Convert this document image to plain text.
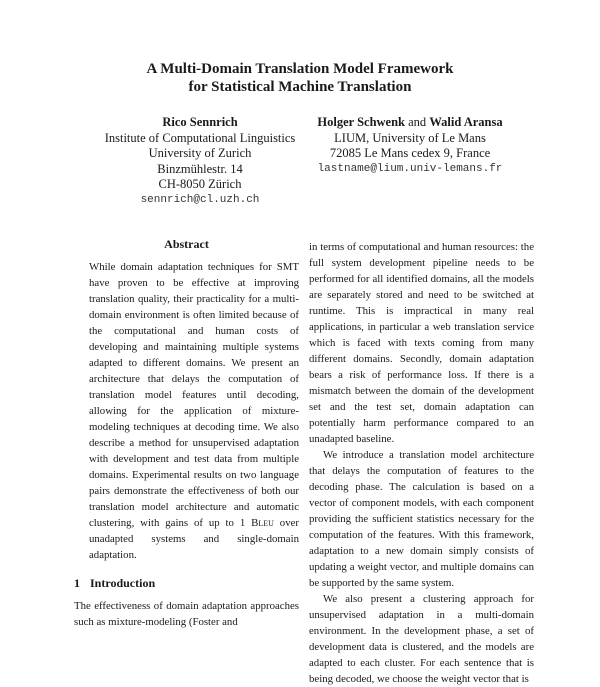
A Multi-Domain Translation Model Framework
for Statistical Machine Translation
Rico Sennrich
Institute of Computational Linguistics
University of Zurich
Binzmühlestr. 14
CH-8050 Zürich
sennrich@cl.uzh.ch
Holger Schwenk and Walid Aransa
LIUM, University of Le Mans
72085 Le Mans cedex 9, France
lastname@lium.univ-lemans.fr
Abstract

While domain adaptation techniques for SMT have proven to be effective at improving translation quality, their practicality for a multi-domain environment is often limited because of the computational and human costs of developing and maintaining multiple systems adapted to different domains. We present an architecture that delays the computation of translation model features until decoding, allowing for the application of mixture-modeling techniques at decoding time. We also describe a method for unsupervised adaptation with development and test data from multiple domains. Experimental results on two language pairs demonstrate the effectiveness of both our translation model architecture and automatic clustering, with gains of up to 1 Bleu over unadapted systems and single-domain adaptation.

1 Introduction

The effectiveness of domain adaptation approaches such as mixture-modeling (Foster and

in terms of computational and human resources: the full system development pipeline needs to be performed for all identified domains, all the models are separately stored and need to be switched at runtime. This is impractical in many real applications, in particular a web translation service which is faced with texts coming from many different domains. Secondly, domain adaptation bears a risk of performance loss. If there is a mismatch between the domain of the development set and the test set, domain adaptation can potentially harm performance compared to an unadapted baseline.

We introduce a translation model architecture that delays the computation of features to the decoding phase. The calculation is based on a vector of component models, with each component providing the sufficient statistics necessary for the computation of the features. With this framework, adaptation to a new domain simply consists of updating a weight vector, and multiple domains can be supported by the same system.

We also present a clustering approach for unsupervised adaptation in a multi-domain environment. In the development phase, a set of development data is clustered, and the models are adapted to each cluster. For each sentence that is being decoded, we choose the weight vector that is
